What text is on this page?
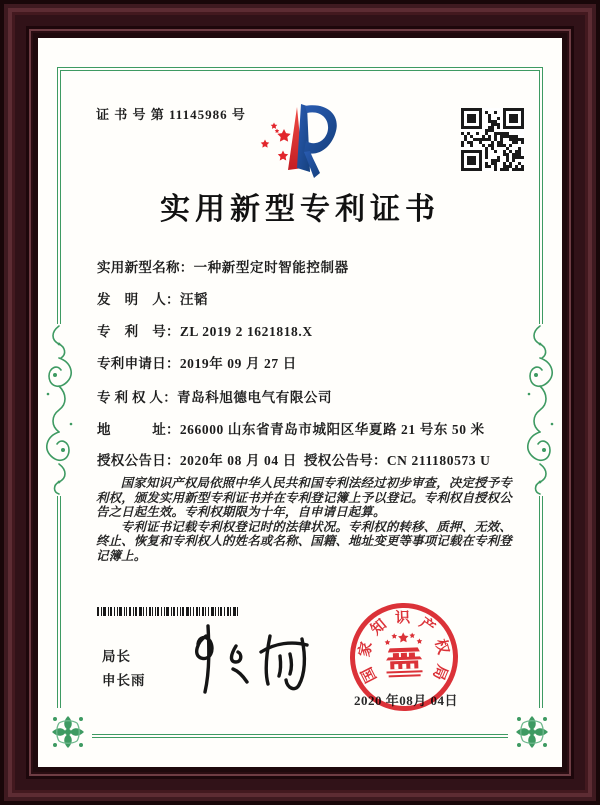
证 书 号 第 11145986 号
实用新型专利证书
实用新型名称：一种新型定时智能控制器
发　明　人：汪韬
专　利　号：ZL 2019 2 1621818.X
专利申请日：2019年 09 月 27 日
专 利 权 人：青岛科旭德电气有限公司
地　　　址：266000 山东省青岛市城阳区华夏路 21 号东 50 米
授权公告日：2020年 08 月 04 日 授权公告号：CN 211180573 U

国家知识产权局依照中华人民共和国专利法经过初步审查，决定授予专利权，颁发实用新型专利证书并在专利登记簿上予以登记。专利权自授权公告之日起生效。专利权期限为十年，自申请日起算。

专利证书记载专利权登记时的法律状况。专利权的转移、质押、无效、终止、恢复和专利权人的姓名或名称、国籍、地址变更等事项记载在专利登记簿上。

局长
申长雨
2020 年08月 04日
国
家
知 识 产
权
局
